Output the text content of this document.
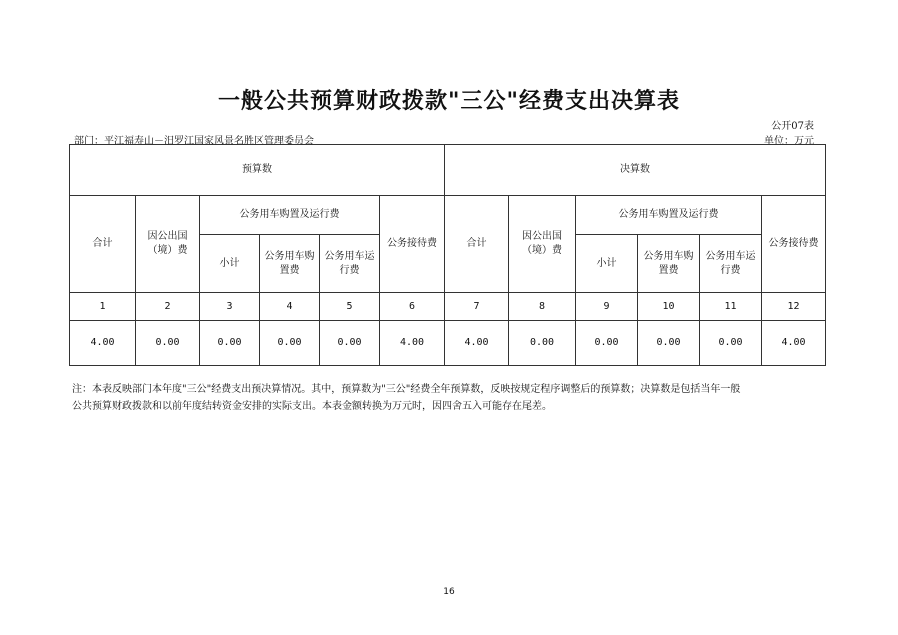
一般公共预算财政拨款"三公"经费支出决算表
公开07表
部门：平江福寿山－汨罗江国家风景名胜区管理委员会	单位：万元
预算数						决算数					
合计	因公出国（境）费	公务用车购置及运行费			公务接待费	合计	因公出国（境）费	公务用车购置及运行费			公务接待费
		小计	公务用车购置费	公务用车运行费				小计	公务用车购置费	公务用车运行费	
1	2	3	4	5	6	7	8	9	10	11	12
4.00	0.00	0.00	0.00	0.00	4.00	4.00	0.00	0.00	0.00	0.00	4.00
注：本表反映部门本年度"三公"经费支出预决算情况。其中，预算数为"三公"经费全年预算数，反映按规定程序调整后的预算数；决算数是包括当年一般
公共预算财政拨款和以前年度结转资金安排的实际支出。本表金额转换为万元时，因四舍五入可能存在尾差。
16
